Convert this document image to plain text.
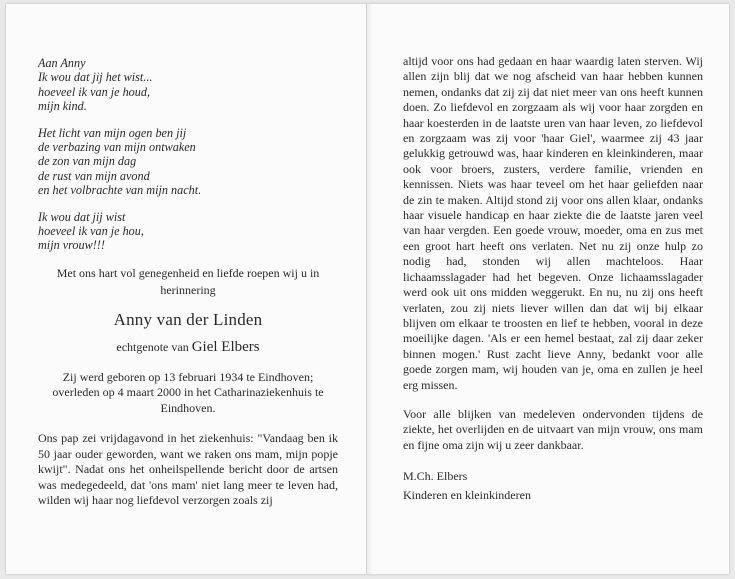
Aan Anny
Ik wou dat jij het wist...
hoeveel ik van je houd,
mijn kind.
Het licht van mijn ogen ben jij
de verbazing van mijn ontwaken
de zon van mijn dag
de rust van mijn avond
en het volbrachte van mijn nacht.
Ik wou dat jij wist
hoeveel ik van je hou,
mijn vrouw!!!
Met ons hart vol genegenheid en liefde roepen wij u in herinnering
Anny van der Linden
echtgenote van Giel Elbers
Zij werd geboren op 13 februari 1934 te Eindhoven; overleden op 4 maart 2000 in het Catharinaziekenhuis te Eindhoven.
Ons pap zei vrijdagavond in het ziekenhuis: "Vandaag ben ik 50 jaar ouder geworden, want we raken ons mam, mijn popje kwijt". Nadat ons het onheilspellende bericht door de artsen was medegedeeld, dat 'ons mam' niet lang meer te leven had, wilden wij haar nog liefdevol verzorgen zoals zij
altijd voor ons had gedaan en haar waardig laten sterven. Wij allen zijn blij dat we nog afscheid van haar hebben kunnen nemen, ondanks dat zij zij dat niet meer van ons heeft kunnen doen. Zo liefdevol en zorgzaam als wij voor haar zorgden en haar koesterden in de laatste uren van haar leven, zo liefdevol en zorgzaam was zij voor 'haar Giel', waarmee zij 43 jaar gelukkig getrouwd was, haar kinderen en kleinkinderen, maar ook voor broers, zusters, verdere familie, vrienden en kennissen. Niets was haar teveel om het haar geliefden naar de zin te maken. Altijd stond zij voor ons allen klaar, ondanks haar visuele handicap en haar ziekte die de laatste jaren veel van haar vergden. Een goede vrouw, moeder, oma en zus met een groot hart heeft ons verlaten. Net nu zij onze hulp zo nodig had, stonden wij allen machteloos. Haar lichaamsslagader had het begeven. Onze lichaamsslagader werd ook uit ons midden weggerukt. En nu, nu zij ons heeft verlaten, zou zij niets liever willen dan dat wij bij elkaar blijven om elkaar te troosten en lief te hebben, vooral in deze moeilijke dagen. 'Als er een hemel bestaat, zal zij daar zeker binnen mogen.' Rust zacht lieve Anny, bedankt voor alle goede zorgen mam, wij houden van je, oma en zullen je heel erg missen.
Voor alle blijken van medeleven ondervonden tijdens de ziekte, het overlijden en de uitvaart van mijn vrouw, ons mam en fijne oma zijn wij u zeer dankbaar.
M.Ch. Elbers
Kinderen en kleinkinderen
